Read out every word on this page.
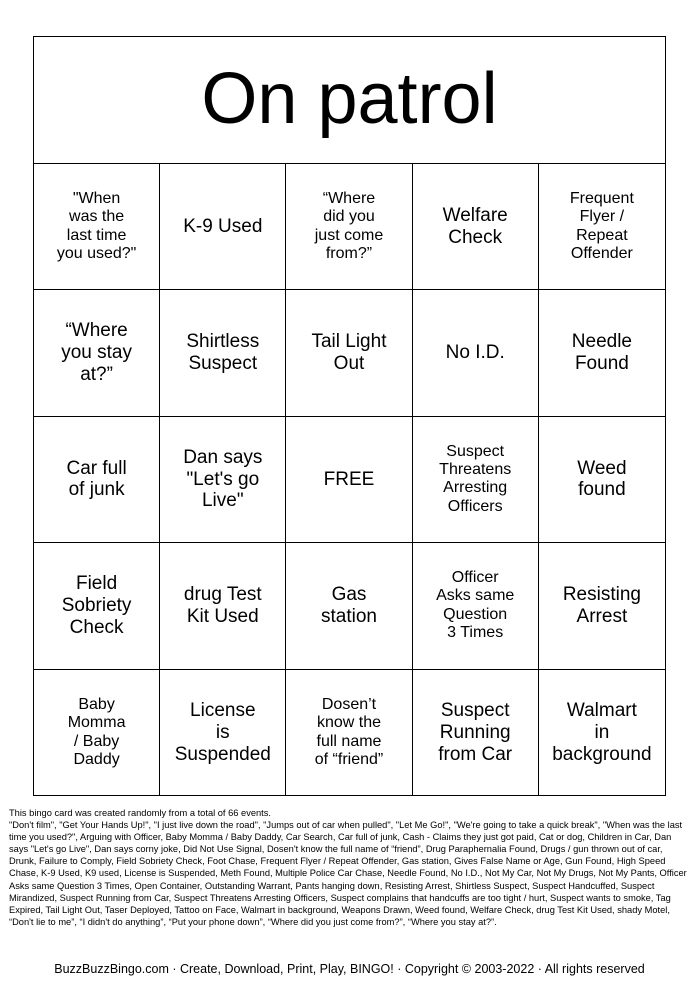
On patrol
"When
was the
last time
you used?"
K-9 Used
“Where
did you
just come
from?”
Welfare
Check
Frequent
Flyer /
Repeat
Offender
“Where
you stay
at?”
Shirtless
Suspect
Tail Light
Out
No I.D.
Needle
Found
Car full
of junk
Dan says
"Let's go
Live"
FREE
Suspect
Threatens
Arresting
Officers
Weed
found
Field
Sobriety
Check
drug Test
Kit Used
Gas
station
Officer
Asks same
Question
3 Times
Resisting
Arrest
Baby
Momma
/ Baby
Daddy
License
is
Suspended
Dosen’t
know the
full name
of “friend”
Suspect
Running
from Car
Walmart
in
background

This bingo card was created randomly from a total of 66 events.

"Don't film", "Get Your Hands Up!", "I just live down the road", "Jumps out of car when pulled", "Let Me Go!", "We're going to take a quick break", "When was the last time you used?", Arguing with Officer, Baby Momma / Baby Daddy, Car Search, Car full of junk, Cash - Claims they just got paid, Cat or dog, Children in Car, Dan says "Let's go Live", Dan says corny joke, Did Not Use Signal, Dosen't know the full name of “friend”, Drug Paraphernalia Found, Drugs / gun thrown out of car, Drunk, Failure to Comply, Field Sobriety Check, Foot Chase, Frequent Flyer / Repeat Offender, Gas station, Gives False Name or Age, Gun Found, High Speed Chase, K-9 Used, K9 used, License is Suspended, Meth Found, Multiple Police Car Chase, Needle Found, No I.D., Not My Car, Not My Drugs, Not My Pants, Officer Asks same Question 3 Times, Open Container, Outstanding Warrant, Pants hanging down, Resisting Arrest, Shirtless Suspect, Suspect Handcuffed, Suspect Mirandized, Suspect Running from Car, Suspect Threatens Arresting Officers, Suspect complains that handcuffs are too tight / hurt, Suspect wants to smoke, Tag Expired, Tail Light Out, Taser Deployed, Tattoo on Face, Walmart in background, Weapons Drawn, Weed found, Welfare Check, drug Test Kit Used, shady Motel, “Don't lie to me”, “I didn't do anything”, “Put your phone down”, “Where did you just come from?”, “Where you stay at?”.

BuzzBuzzBingo.com · Create, Download, Print, Play, BINGO! · Copyright © 2003-2022 · All rights reserved
